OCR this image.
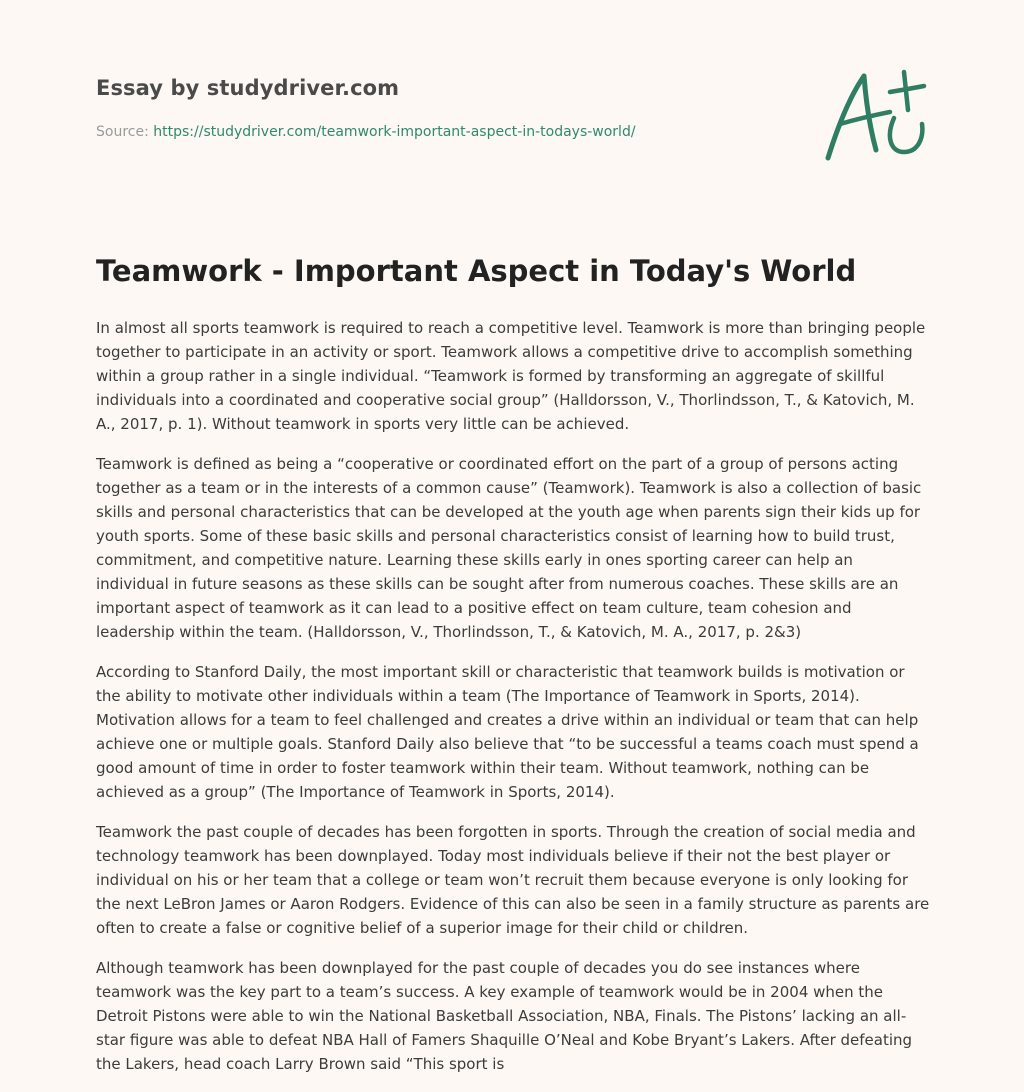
Essay by studydriver.com
Source: https://studydriver.com/teamwork-important-aspect-in-todays-world/
Teamwork - Important Aspect in Today's World

In almost all sports teamwork is required to reach a competitive level. Teamwork is more than bringing people together to participate in an activity or sport. Teamwork allows a competitive drive to accomplish something within a group rather in a single individual. “Teamwork is formed by transforming an aggregate of skillful individuals into a coordinated and cooperative social group” (Halldorsson, V., Thorlindsson, T., & Katovich, M. A., 2017, p. 1). Without teamwork in sports very little can be achieved.

Teamwork is defined as being a “cooperative or coordinated effort on the part of a group of persons acting together as a team or in the interests of a common cause” (Teamwork). Teamwork is also a collection of basic skills and personal characteristics that can be developed at the youth age when parents sign their kids up for youth sports. Some of these basic skills and personal characteristics consist of learning how to build trust, commitment, and competitive nature. Learning these skills early in ones sporting career can help an individual in future seasons as these skills can be sought after from numerous coaches. These skills are an important aspect of teamwork as it can lead to a positive effect on team culture, team cohesion and leadership within the team. (Halldorsson, V., Thorlindsson, T., & Katovich, M. A., 2017, p. 2&3)

According to Stanford Daily, the most important skill or characteristic that teamwork builds is motivation or the ability to motivate other individuals within a team (The Importance of Teamwork in Sports, 2014). Motivation allows for a team to feel challenged and creates a drive within an individual or team that can help achieve one or multiple goals. Stanford Daily also believe that “to be successful a teams coach must spend a good amount of time in order to foster teamwork within their team. Without teamwork, nothing can be achieved as a group” (The Importance of Teamwork in Sports, 2014).

Teamwork the past couple of decades has been forgotten in sports. Through the creation of social media and technology teamwork has been downplayed. Today most individuals believe if their not the best player or individual on his or her team that a college or team won’t recruit them because everyone is only looking for the next LeBron James or Aaron Rodgers. Evidence of this can also be seen in a family structure as parents are often to create a false or cognitive belief of a superior image for their child or children.

Although teamwork has been downplayed for the past couple of decades you do see instances where teamwork was the key part to a team’s success. A key example of teamwork would be in 2004 when the Detroit Pistons were able to win the National Basketball Association, NBA, Finals. The Pistons’ lacking an all-star figure was able to defeat NBA Hall of Famers Shaquille O’Neal and Kobe Bryant’s Lakers. After defeating the Lakers, head coach Larry Brown said “This sport is
